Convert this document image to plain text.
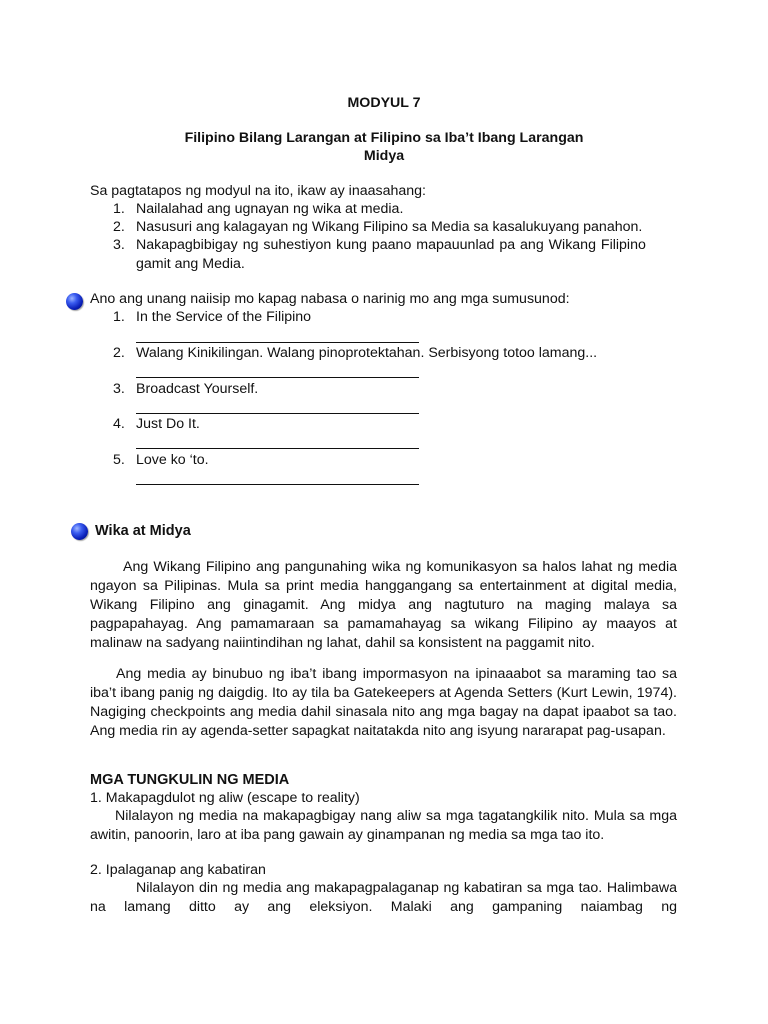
MODYUL 7
Filipino Bilang Larangan at Filipino sa Iba’t Ibang Larangan
Midya
Sa pagtatapos ng modyul na ito, ikaw ay inaasahang:
1. Nailalahad ang ugnayan ng wika at media.
2. Nasusuri ang kalagayan ng Wikang Filipino sa Media sa kasalukuyang panahon.
3. Nakapagbibigay ng suhestiyon kung paano mapauunlad pa ang Wikang Filipino
gamit ang Media.
Ano ang unang naiisip mo kapag nabasa o narinig mo ang mga sumusunod:
1. In the Service of the Filipino
2. Walang Kinikilingan. Walang pinoprotektahan. Serbisyong totoo lamang...
3. Broadcast Yourself.
4. Just Do It.
5. Love ko ‘to.
Wika at Midya
Ang Wikang Filipino ang pangunahing wika ng komunikasyon sa halos lahat ng media ngayon sa Pilipinas. Mula sa print media hanggangang sa entertainment at digital media, Wikang Filipino ang ginagamit. Ang midya ang nagtuturo na maging malaya sa pagpapahayag. Ang pamamaraan sa pamamahayag sa wikang Filipino ay maayos at malinaw na sadyang naiintindihan ng lahat, dahil sa konsistent na paggamit nito.
Ang media ay binubuo ng iba’t ibang impormasyon na ipinaaabot sa maraming tao sa iba’t ibang panig ng daigdig. Ito ay tila ba Gatekeepers at Agenda Setters (Kurt Lewin, 1974). Nagiging checkpoints ang media dahil sinasala nito ang mga bagay na dapat ipaabot sa tao. Ang media rin ay agenda-setter sapagkat naitatakda nito ang isyung nararapat pag-usapan.
MGA TUNGKULIN NG MEDIA
1. Makapagdulot ng aliw (escape to reality)
Nilalayon ng media na makapagbigay nang aliw sa mga tagatangkilik nito. Mula sa mga awitin, panoorin, laro at iba pang gawain ay ginampanan ng media sa mga tao ito.
2. Ipalaganap ang kabatiran
Nilalayon din ng media ang makapagpalaganap ng kabatiran sa mga tao. Halimbawa na lamang ditto ay ang eleksiyon. Malaki ang gampaning naiambag ng
